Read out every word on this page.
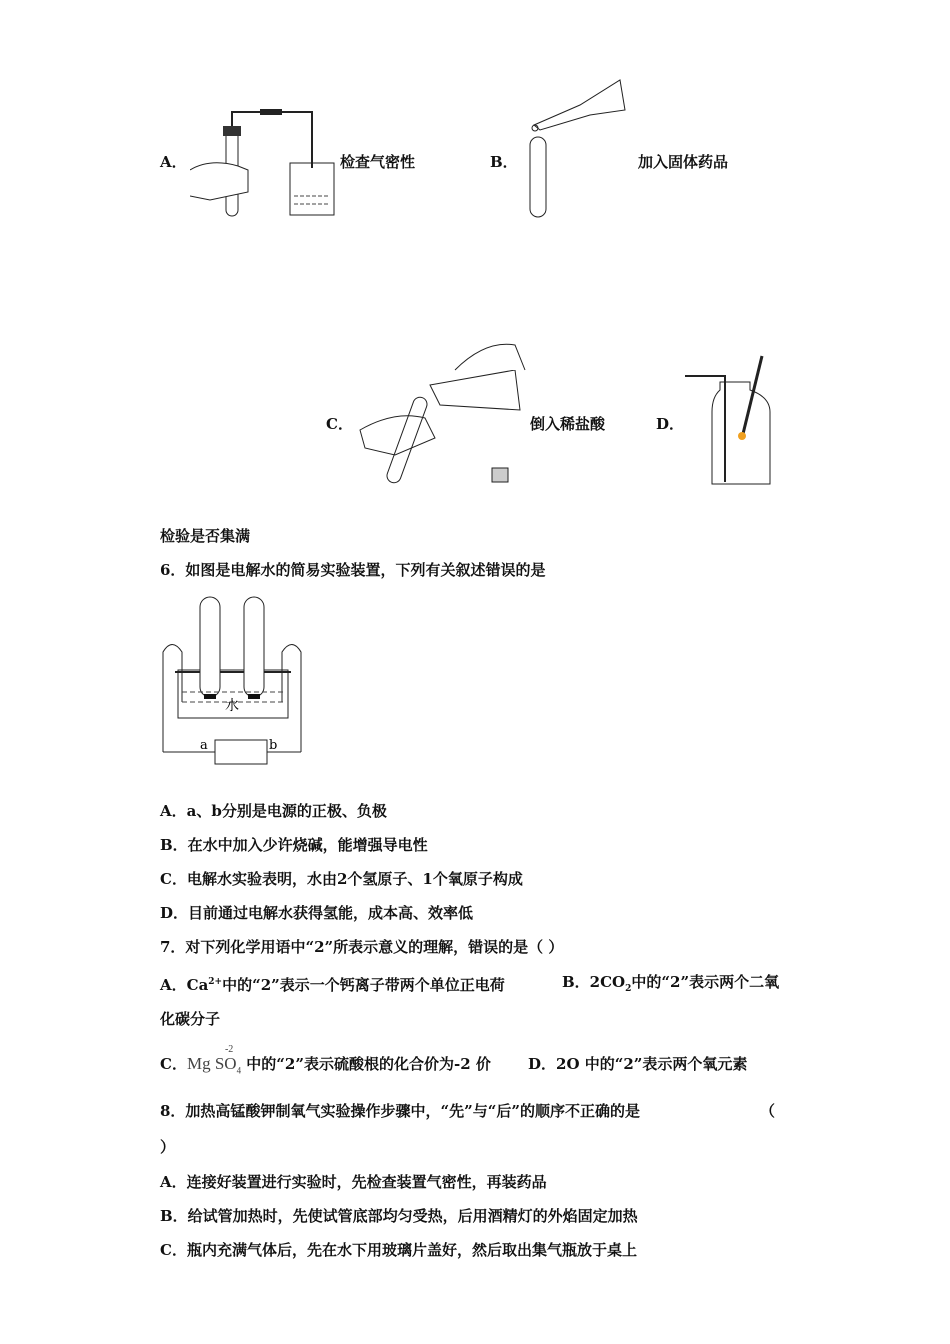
A．	检查气密性	B．	加入固体药品
C．	倒入稀盐酸	D．
检验是否集满
6．如图是电解水的简易实验装置，下列有关叙述错误的是
水
a	b
A．a、b分别是电源的正极、负极
B．在水中加入少许烧碱，能增强导电性
C．电解水实验表明，水由2个氢原子、1个氧原子构成
D．目前通过电解水获得氢能，成本高、效率低
7．对下列化学用语中“2”所表示意义的理解，错误的是（ ）
A．$Ca^{2+}$中的“2”表示一个钙离子带两个单位正电荷	B．$2CO_2$中的“2”表示两个二氧
化碳分子
C．Mg $SO_4$
-2
中的“2”表示硫酸根的化合价为-2 价 D．2O 中的“2”表示两个氧元素
8．加热高锰酸钾制氧气实验操作步骤中，“先”与“后”的顺序不正确的是	（
）
A．连接好装置进行实验时，先检查装置气密性，再装药品
B．给试管加热时，先使试管底部均匀受热，后用酒精灯的外焰固定加热
C．瓶内充满气体后，先在水下用玻璃片盖好，然后取出集气瓶放于桌上
